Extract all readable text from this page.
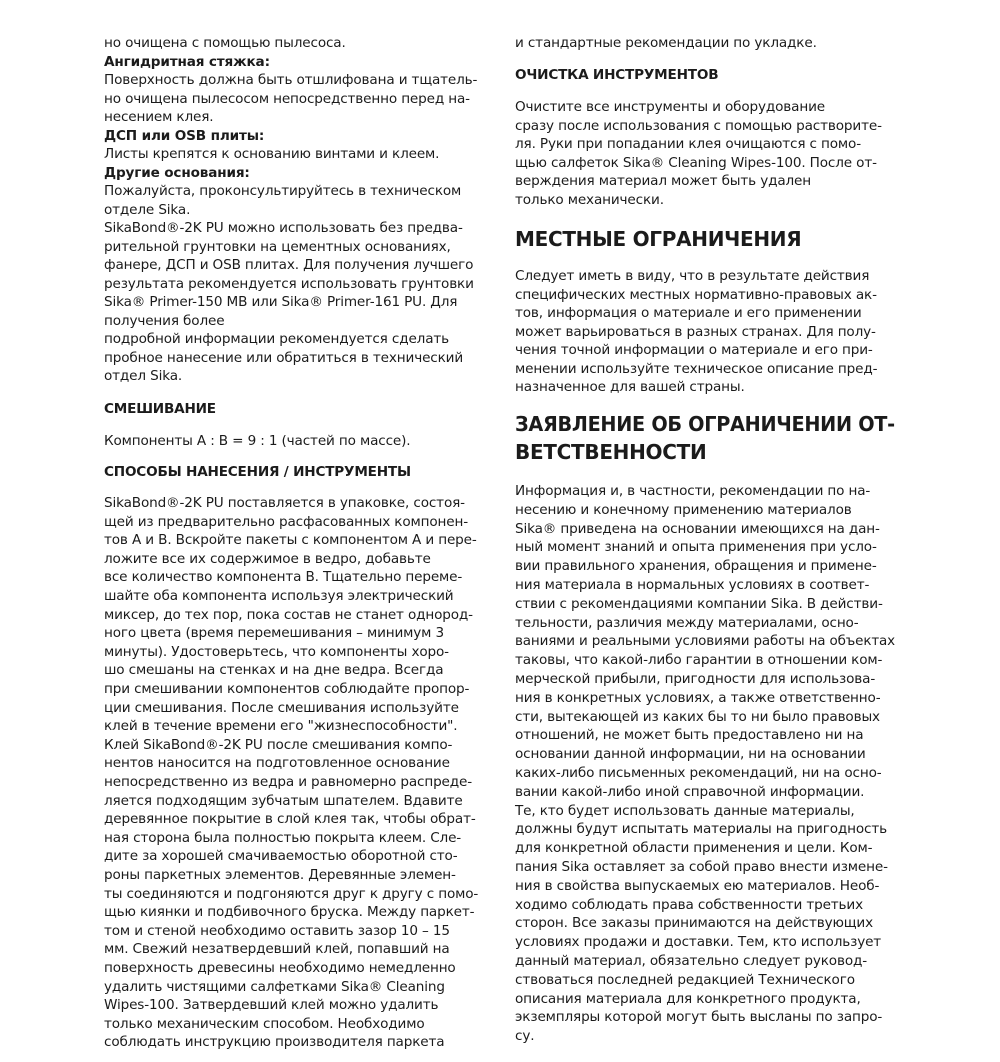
но очищена с помощью пылесоса.
Ангидритная стяжка:
Поверхность должна быть отшлифована и тщатель-
но очищена пылесосом непосредственно перед на-
несением клея.
ДСП или OSB плиты:
Листы крепятся к основанию винтами и клеем.
Другие основания:
Пожалуйста, проконсультируйтесь в техническом
отделе Sika.
SikaBond®-2K PU можно использовать без предва-
рительной грунтовки на цементных основаниях,
фанере, ДСП и OSB плитах. Для получения лучшего
результата рекомендуется использовать грунтовки
Sika® Primer-150 MB или Sika® Primer-161 PU. Для
получения более
подробной информации рекомендуется сделать
пробное нанесение или обратиться в технический
отдел Sika.
СМЕШИВАНИЕ
Компоненты А : В = 9 : 1 (частей по массе).
СПОСОБЫ НАНЕСЕНИЯ / ИНСТРУМЕНТЫ
SikaBond®-2K PU поставляется в упаковке, состоя-
щей из предварительно расфасованных компонен-
тов А и В. Вскройте пакеты с компонентом А и пере-
ложите все их содержимое в ведро, добавьте
все количество компонента В. Тщательно переме-
шайте оба компонента используя электрический
миксер, до тех пор, пока состав не станет однород-
ного цвета (время перемешивания – минимум 3
минуты). Удостоверьтесь, что компоненты хоро-
шо смешаны на стенках и на дне ведра. Всегда
при смешивании компонентов соблюдайте пропор-
ции смешивания. После смешивания используйте
клей в течение времени его "жизнеспособности".
Клей SikaBond®-2K PU после смешивания компо-
нентов наносится на подготовленное основание
непосредственно из ведра и равномерно распреде-
ляется подходящим зубчатым шпателем. Вдавите
деревянное покрытие в слой клея так, чтобы обрат-
ная сторона была полностью покрыта клеем. Сле-
дите за хорошей смачиваемостью оборотной сто-
роны паркетных элементов. Деревянные элемен-
ты соединяются и подгоняются друг к другу с помо-
щью киянки и подбивочного бруска. Между паркет-
том и стеной необходимо оставить зазор 10 – 15
мм. Свежий незатвердевший клей, попавший на
поверхность древесины необходимо немедленно
удалить чистящими салфетками Sika® Cleaning
Wipes-100. Затвердевший клей можно удалить
только механическим способом. Необходимо
соблюдать инструкцию производителя паркета
и стандартные рекомендации по укладке.
ОЧИСТКА ИНСТРУМЕНТОВ
Очистите все инструменты и оборудование
сразу после использования с помощью растворите-
ля. Руки при попадании клея очищаются с помо-
щью салфеток Sika® Cleaning Wipes-100. После от-
верждения материал может быть удален
только механически.
МЕСТНЫЕ ОГРАНИЧЕНИЯ
Следует иметь в виду, что в результате действия
специфических местных нормативно-правовых ак-
тов, информация о материале и его применении
может варьироваться в разных странах. Для полу-
чения точной информации о материале и его при-
менении используйте техническое описание пред-
назначенное для вашей страны.
ЗАЯВЛЕНИЕ ОБ ОГРАНИЧЕНИИ ОТ-
ВЕТСТВЕННОСТИ
Информация и, в частности, рекомендации по на-
несению и конечному применению материалов
Sika® приведена на основании имеющихся на дан-
ный момент знаний и опыта применения при усло-
вии правильного хранения, обращения и примене-
ния материала в нормальных условиях в соответ-
ствии с рекомендациями компании Sika. В действи-
тельности, различия между материалами, осно-
ваниями и реальными условиями работы на объектах
таковы, что какой-либо гарантии в отношении ком-
мерческой прибыли, пригодности для использова-
ния в конкретных условиях, а также ответственно-
сти, вытекающей из каких бы то ни было правовых
отношений, не может быть предоставлено ни на
основании данной информации, ни на основании
каких-либо письменных рекомендаций, ни на осно-
вании какой-либо иной справочной информации.
Те, кто будет использовать данные материалы,
должны будут испытать материалы на пригодность
для конкретной области применения и цели. Ком-
пания Sika оставляет за собой право внести измене-
ния в свойства выпускаемых ею материалов. Необ-
ходимо соблюдать права собственности третьих
сторон. Все заказы принимаются на действующих
условиях продажи и доставки. Тем, кто использует
данный материал, обязательно следует руковод-
ствоваться последней редакцией Технического
описания материала для конкретного продукта,
экземпляры которой могут быть высланы по запро-
су.
